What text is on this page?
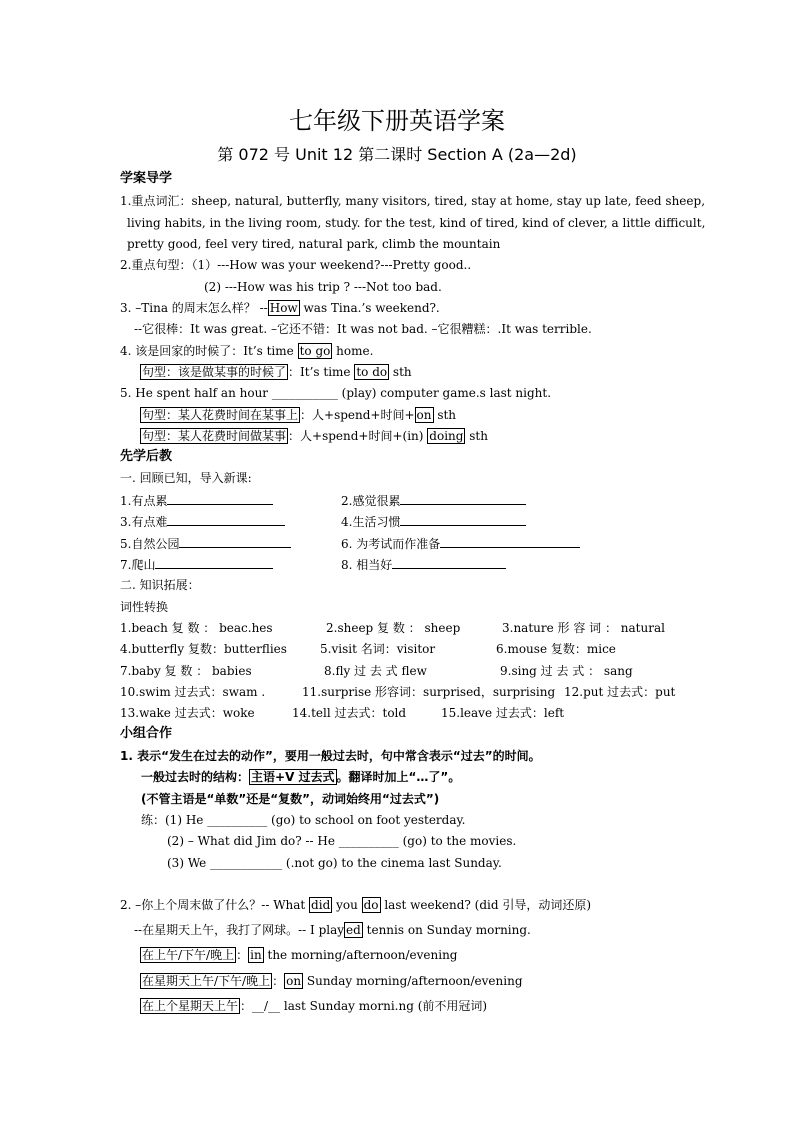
七年级下册英语学案
第 072 号 Unit 12 第二课时 Section A (2a—2d)
学案导学
1.重点词汇：sheep, natural, butterfly, many visitors, tired, stay at home, stay up late, feed sheep,
living habits, in the living room, study. for the test, kind of tired, kind of clever, a little difficult,
pretty good, feel very tired, natural park, climb the mountain
2.重点句型：（1）---How was your weekend?---Pretty good..
(2) ---How was his trip ? ---Not too bad.
3. –Tina 的周末怎么样？ -- How was Tina.’s weekend?.
--它很棒：It was great. –它还不错：It was not bad. –它很糟糕：.It was terrible.
4. 该是回家的时候了：It’s time to go home.
句型：该是做某事的时候了 ：It’s time to do sth
5. He spent half an hour ___________ (play) computer game.s last night.
句型：某人花费时间在某事上 ：人+spend+时间+ on sth
句型：某人花费时间做某事 ：人+spend+时间+(in) doing sth
先学后教
一. 回顾已知，导入新课:
1.有点累	2.感觉很累
3.有点难	4.生活习惯
5.自然公园	6. 为考试而作准备
7.爬山	8. 相当好
二. 知识拓展：
词性转换
1.beach 复 数 ： beac.hes	2.sheep 复 数 ： sheep	3.nature 形 容 词 ： natural
4.butterfly 复数：butterflies	5.visit 名词：visitor	6.mouse 复数：mice
7.baby 复 数 ： babies	8.fly 过 去 式 flew	9.sing 过 去 式 ： sang
10.swim 过去式：swam .	11.surprise 形容词：surprised，surprising 12.put 过去式：put
13.wake 过去式：woke	14.tell 过去式：told	15.leave 过去式：left
小组合作
1. 表示“发生在过去的动作”，要用一般过去时，句中常含表示“过去”的时间。
一般过去时的结构： 主语+V 过去式 。翻译时加上“…了”。
(不管主语是“单数”还是“复数”，动词始终用“过去式”)
练：(1) He __________ (go) to school on foot yesterday.
(2) – What did Jim do? -- He __________ (go) to the movies.
(3) We ____________ (.not go) to the cinema last Sunday.
2. –你上个周末做了什么？-- What did you do last weekend? (did 引导，动词还原)
--在星期天上午，我打了网球。-- I play ed tennis on Sunday morning.
在上午/下午/晚上 ： in the morning/afternoon/evening
在星期天上午/下午/晚上 ： on Sunday morning/afternoon/evening
在上个星期天上午 ：__/__ last Sunday morni.ng (前不用冠词)
